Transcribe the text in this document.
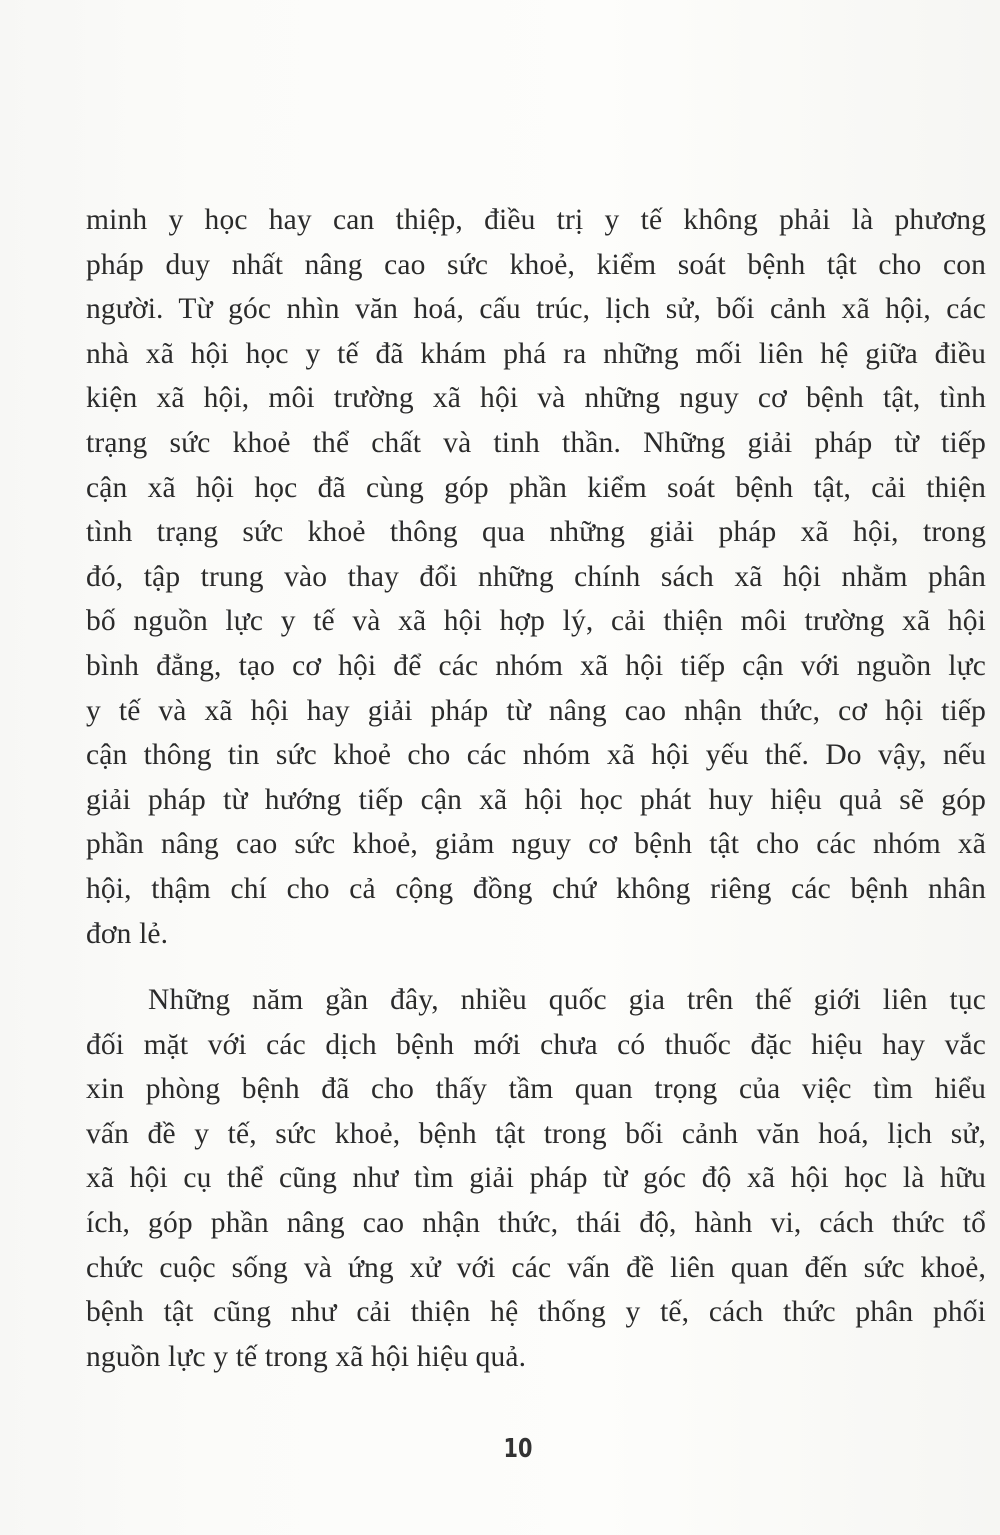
minh y học hay can thiệp, điều trị y tế không phải là phương
pháp duy nhất nâng cao sức khoẻ, kiểm soát bệnh tật cho con
người. Từ góc nhìn văn hoá, cấu trúc, lịch sử, bối cảnh xã hội, các
nhà xã hội học y tế đã khám phá ra những mối liên hệ giữa điều
kiện xã hội, môi trường xã hội và những nguy cơ bệnh tật, tình
trạng sức khoẻ thể chất và tinh thần. Những giải pháp từ tiếp
cận xã hội học đã cùng góp phần kiểm soát bệnh tật, cải thiện
tình trạng sức khoẻ thông qua những giải pháp xã hội, trong
đó, tập trung vào thay đổi những chính sách xã hội nhằm phân
bố nguồn lực y tế và xã hội hợp lý, cải thiện môi trường xã hội
bình đẳng, tạo cơ hội để các nhóm xã hội tiếp cận với nguồn lực
y tế và xã hội hay giải pháp từ nâng cao nhận thức, cơ hội tiếp
cận thông tin sức khoẻ cho các nhóm xã hội yếu thế. Do vậy, nếu
giải pháp từ hướng tiếp cận xã hội học phát huy hiệu quả sẽ góp
phần nâng cao sức khoẻ, giảm nguy cơ bệnh tật cho các nhóm xã
hội, thậm chí cho cả cộng đồng chứ không riêng các bệnh nhân
đơn lẻ.
Những năm gần đây, nhiều quốc gia trên thế giới liên tục
đối mặt với các dịch bệnh mới chưa có thuốc đặc hiệu hay vắc
xin phòng bệnh đã cho thấy tầm quan trọng của việc tìm hiểu
vấn đề y tế, sức khoẻ, bệnh tật trong bối cảnh văn hoá, lịch sử,
xã hội cụ thể cũng như tìm giải pháp từ góc độ xã hội học là hữu
ích, góp phần nâng cao nhận thức, thái độ, hành vi, cách thức tổ
chức cuộc sống và ứng xử với các vấn đề liên quan đến sức khoẻ,
bệnh tật cũng như cải thiện hệ thống y tế, cách thức phân phối
nguồn lực y tế trong xã hội hiệu quả.
10
